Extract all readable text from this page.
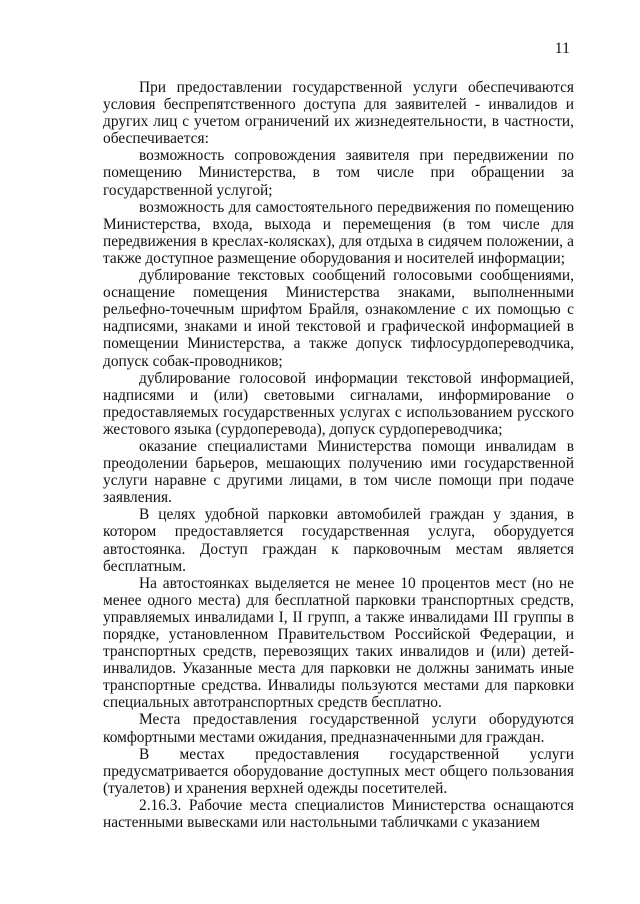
11

При предоставлении государственной услуги обеспечиваются условия беспрепятственного доступа для заявителей - инвалидов и других лиц с учетом ограничений их жизнедеятельности, в частности, обеспечивается:

возможность сопровождения заявителя при передвижении по помещению Министерства, в том числе при обращении за государственной услугой;

возможность для самостоятельного передвижения по помещению Министерства, входа, выхода и перемещения (в том числе для передвижения в креслах-колясках), для отдыха в сидячем положении, а также доступное размещение оборудования и носителей информации;

дублирование текстовых сообщений голосовыми сообщениями, оснащение помещения Министерства знаками, выполненными рельефно-точечным шрифтом Брайля, ознакомление с их помощью с надписями, знаками и иной текстовой и графической информацией в помещении Министерства, а также допуск тифлосурдопереводчика, допуск собак-проводников;

дублирование голосовой информации текстовой информацией, надписями и (или) световыми сигналами, информирование о предоставляемых государственных услугах с использованием русского жестового языка (сурдоперевода), допуск сурдопереводчика;

оказание специалистами Министерства помощи инвалидам в преодолении барьеров, мешающих получению ими государственной услуги наравне с другими лицами, в том числе помощи при подаче заявления.

В целях удобной парковки автомобилей граждан у здания, в котором предоставляется государственная услуга, оборудуется автостоянка. Доступ граждан к парковочным местам является бесплатным.

На автостоянках выделяется не менее 10 процентов мест (но не менее одного места) для бесплатной парковки транспортных средств, управляемых инвалидами I, II групп, а также инвалидами III группы в порядке, установленном Правительством Российской Федерации, и транспортных средств, перевозящих таких инвалидов и (или) детей-инвалидов. Указанные места для парковки не должны занимать иные транспортные средства. Инвалиды пользуются местами для парковки специальных автотранспортных средств бесплатно.

Места предоставления государственной услуги оборудуются комфортными местами ожидания, предназначенными для граждан.

В местах предоставления государственной услуги предусматривается оборудование доступных мест общего пользования (туалетов) и хранения верхней одежды посетителей.

2.16.3. Рабочие места специалистов Министерства оснащаются настенными вывесками или настольными табличками с указанием
